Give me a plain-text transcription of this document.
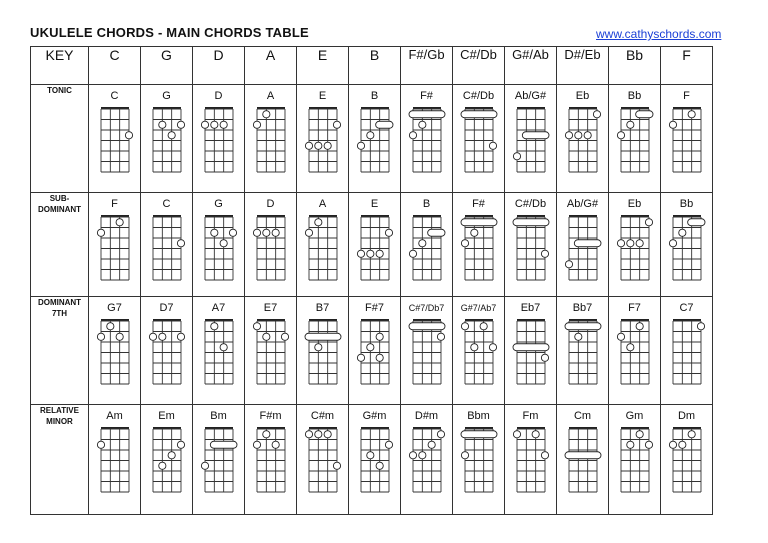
UKULELE CHORDS - MAIN CHORDS TABLE	www.cathyschords.com
KEY	C	G	D	A	E	B	F#/Gb	C#/Db	G#/Ab	D#/Eb	Bb	F
TONIC	C	G	D	A	E	B	F#	C#/Db	Ab/G#	Eb	Bb	F

SUB- DOMINANT	F	C	G	D	A	E	B	F#	C#/Db	Ab/G#	Eb	Bb

DOMINANT 7TH	G7	D7	A7	E7	B7	F#7	C#7/Db7	G#7/Ab7	Eb7	Bb7	F7	C7

RELATIVE MINOR	Am	Em	Bm	F#m	C#m	G#m	D#m	Bbm	Fm	Cm	Gm	Dm
